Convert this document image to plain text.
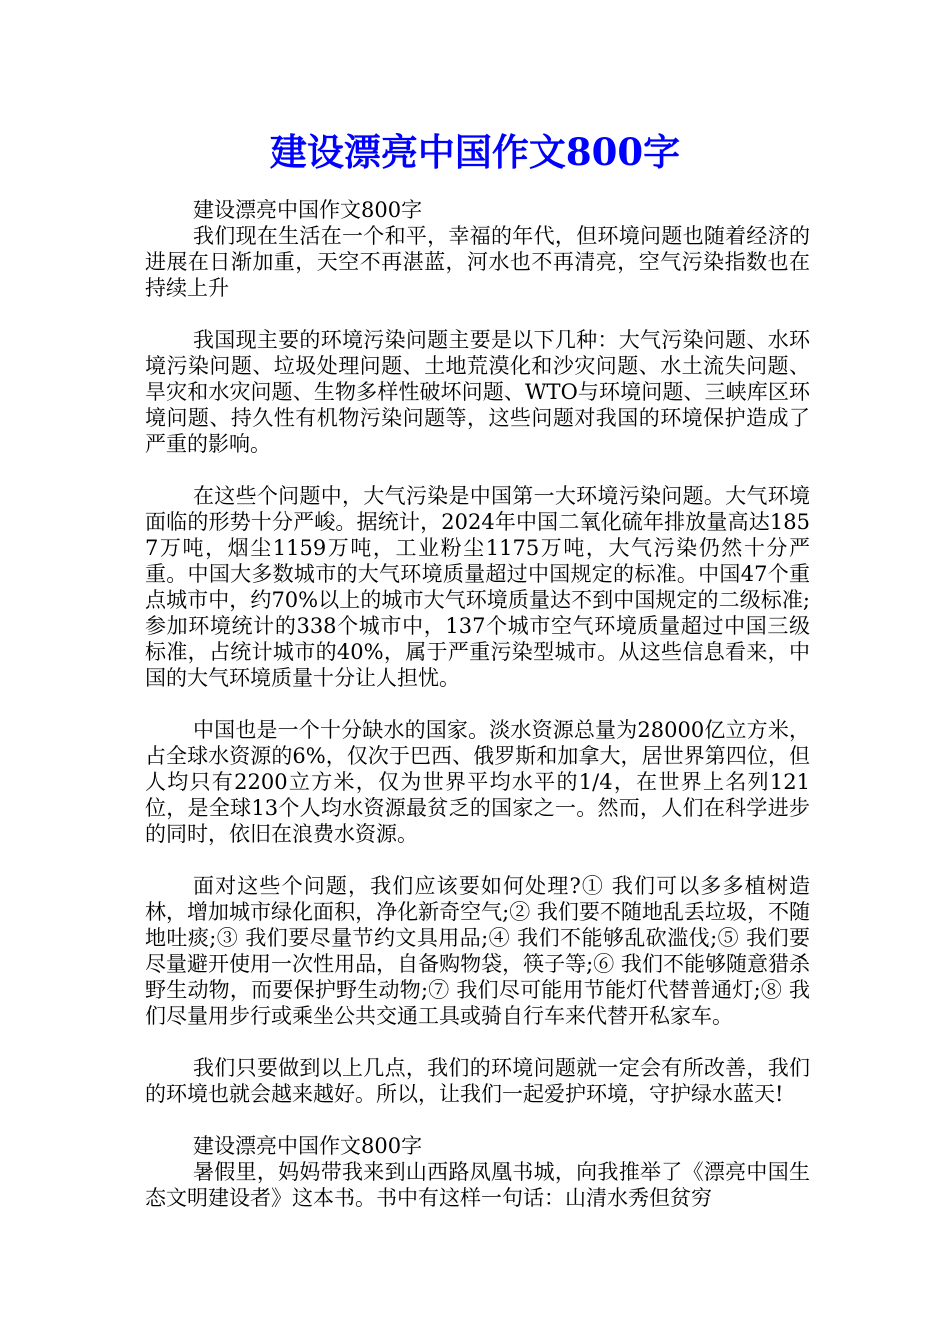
建设漂亮中国作文800字

建设漂亮中国作文800字

我们现在生活在一个和平，幸福的年代，但环境问题也随着经济的进展在日渐加重，天空不再湛蓝，河水也不再清亮，空气污染指数也在持续上升

我国现主要的环境污染问题主要是以下几种：大气污染问题、水环境污染问题、垃圾处理问题、土地荒漠化和沙灾问题、水土流失问题、旱灾和水灾问题、生物多样性破坏问题、WTO与环境问题、三峡库区环境问题、持久性有机物污染问题等，这些问题对我国的环境保护造成了严重的影响。

在这些个问题中，大气污染是中国第一大环境污染问题。大气环境面临的形势十分严峻。据统计，2024年中国二氧化硫年排放量高达1857万吨，烟尘1159万吨，工业粉尘1175万吨，大气污染仍然十分严重。中国大多数城市的大气环境质量超过中国规定的标准。中国47个重点城市中，约70%以上的城市大气环境质量达不到中国规定的二级标准;参加环境统计的338个城市中，137个城市空气环境质量超过中国三级标准，占统计城市的40%，属于严重污染型城市。从这些信息看来，中国的大气环境质量十分让人担忧。

中国也是一个十分缺水的国家。淡水资源总量为28000亿立方米，占全球水资源的6%，仅次于巴西、俄罗斯和加拿大，居世界第四位，但人均只有2200立方米，仅为世界平均水平的1/4，在世界上名列121位，是全球13个人均水资源最贫乏的国家之一。然而，人们在科学进步的同时，依旧在浪费水资源。

面对这些个问题，我们应该要如何处理?① 我们可以多多植树造林，增加城市绿化面积，净化新奇空气;② 我们要不随地乱丢垃圾，不随地吐痰;③ 我们要尽量节约文具用品;④ 我们不能够乱砍滥伐;⑤ 我们要尽量避开使用一次性用品，自备购物袋，筷子等;⑥ 我们不能够随意猎杀野生动物，而要保护野生动物;⑦ 我们尽可能用节能灯代替普通灯;⑧ 我们尽量用步行或乘坐公共交通工具或骑自行车来代替开私家车。

我们只要做到以上几点，我们的环境问题就一定会有所改善，我们的环境也就会越来越好。所以，让我们一起爱护环境，守护绿水蓝天!

建设漂亮中国作文800字

暑假里，妈妈带我来到山西路凤凰书城，向我推举了《漂亮中国生态文明建设者》这本书。书中有这样一句话：山清水秀但贫穷
